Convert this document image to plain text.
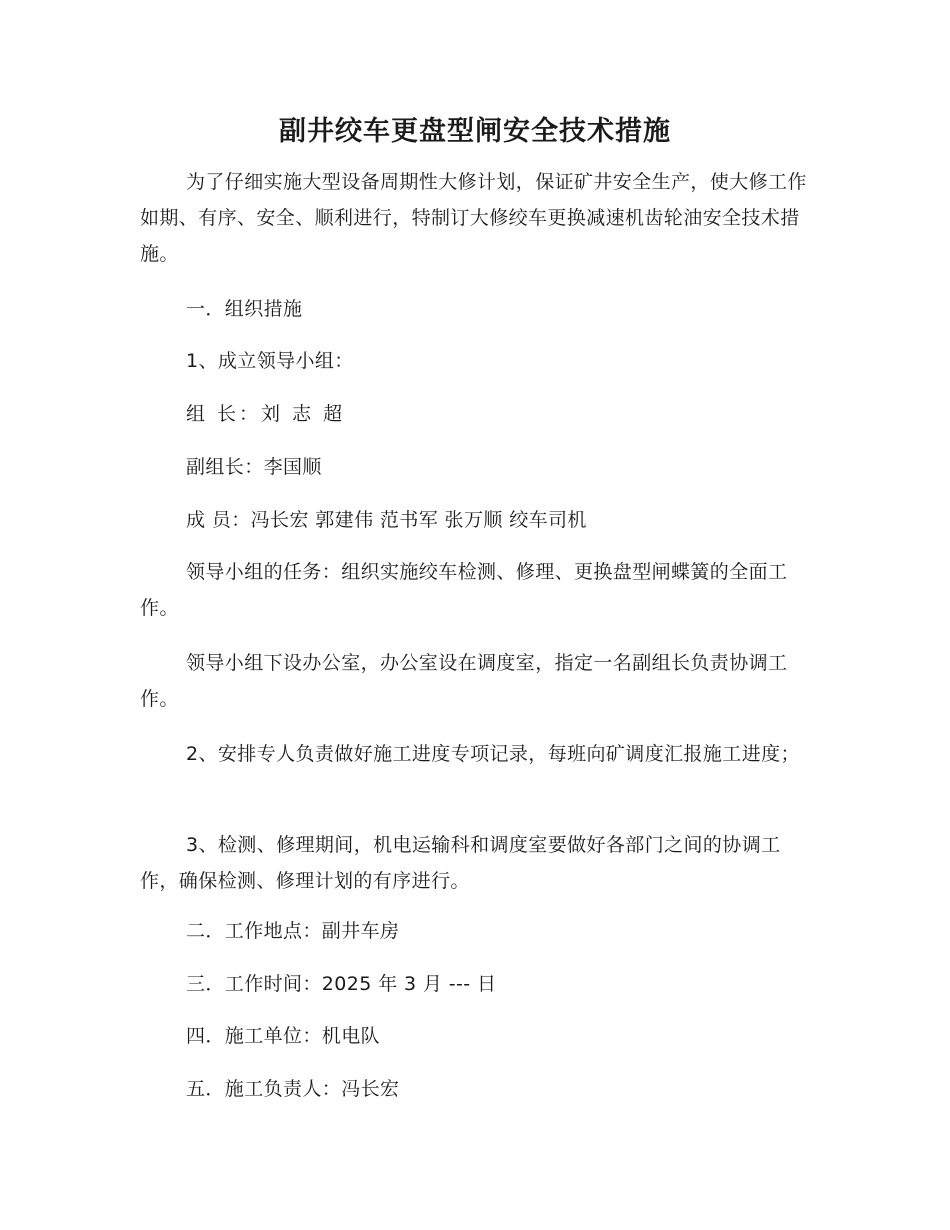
副井绞车更盘型闸安全技术措施

为了仔细实施大型设备周期性大修计划，保证矿井安全生产，使大修工作如期、有序、安全、顺利进行，特制订大修绞车更换减速机齿轮油安全技术措施。

一．组织措施

1、成立领导小组：

组 长：刘 志 超

副组长：李国顺

成 员：冯长宏 郭建伟 范书军 张万顺 绞车司机

领导小组的任务：组织实施绞车检测、修理、更换盘型闸蝶簧的全面工作。

领导小组下设办公室，办公室设在调度室，指定一名副组长负责协调工作。

2、安排专人负责做好施工进度专项记录，每班向矿调度汇报施工进度；

3、检测、修理期间，机电运输科和调度室要做好各部门之间的协调工作，确保检测、修理计划的有序进行。

二．工作地点：副井车房

三．工作时间：2025 年 3 月 --- 日

四．施工单位：机电队

五．施工负责人：冯长宏
